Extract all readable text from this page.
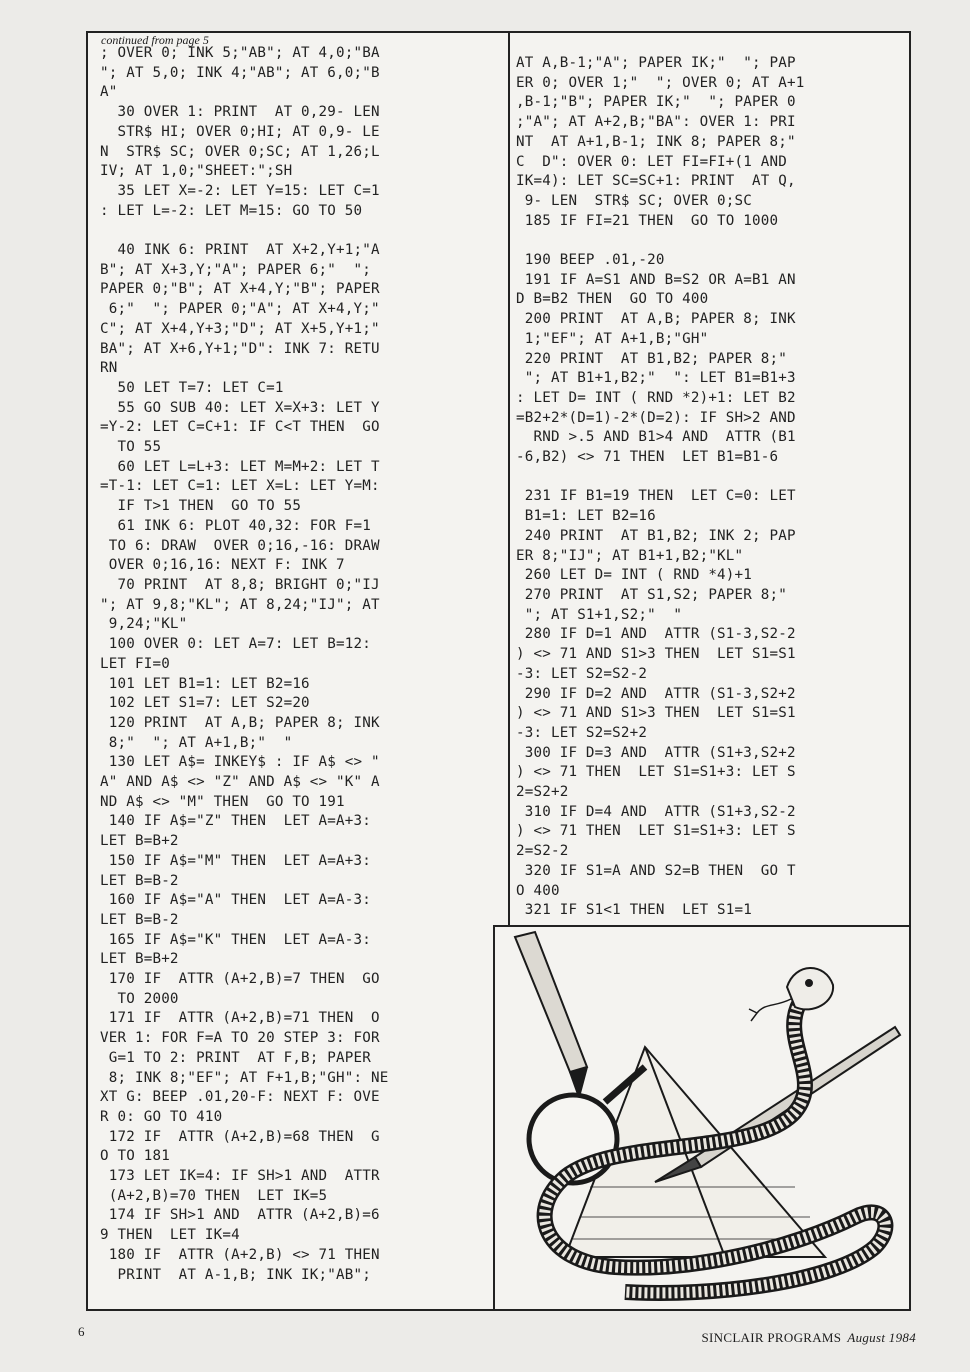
continued from page 5
; OVER 0; INK 5;"AB"; AT 4,0;"BA
"; AT 5,0; INK 4;"AB"; AT 6,0;"B
A"
30 OVER 1: PRINT  AT 0,29- LEN
STR$ HI; OVER 0;HI; AT 0,9- LE
N  STR$ SC; OVER 0;SC; AT 1,26;L
IV; AT 1,0;"SHEET:";SH
35 LET X=-2: LET Y=15: LET C=1
: LET L=-2: LET M=15: GO TO 50

40 INK 6: PRINT  AT X+2,Y+1;"A
B"; AT X+3,Y;"A"; PAPER 6;"  ";
PAPER 0;"B"; AT X+4,Y;"B"; PAPER
6;"  "; PAPER 0;"A"; AT X+4,Y;"
C"; AT X+4,Y+3;"D"; AT X+5,Y+1;"
BA"; AT X+6,Y+1;"D": INK 7: RETU
RN
50 LET T=7: LET C=1
55 GO SUB 40: LET X=X+3: LET Y
=Y-2: LET C=C+1: IF C<T THEN  GO
TO 55
60 LET L=L+3: LET M=M+2: LET T
=T-1: LET C=1: LET X=L: LET Y=M:
IF T>1 THEN  GO TO 55
61 INK 6: PLOT 40,32: FOR F=1
TO 6: DRAW  OVER 0;16,-16: DRAW
OVER 0;16,16: NEXT F: INK 7
70 PRINT  AT 8,8; BRIGHT 0;"IJ
"; AT 9,8;"KL"; AT 8,24;"IJ"; AT
9,24;"KL"
100 OVER 0: LET A=7: LET B=12:
LET FI=0
101 LET B1=1: LET B2=16
102 LET S1=7: LET S2=20
120 PRINT  AT A,B; PAPER 8; INK
8;"  "; AT A+1,B;"  "
130 LET A$= INKEY$ : IF A$ <> "
A" AND A$ <> "Z" AND A$ <> "K" A
ND A$ <> "M" THEN  GO TO 191
140 IF A$="Z" THEN  LET A=A+3:
LET B=B+2
150 IF A$="M" THEN  LET A=A+3:
LET B=B-2
160 IF A$="A" THEN  LET A=A-3:
LET B=B-2
165 IF A$="K" THEN  LET A=A-3:
LET B=B+2
170 IF  ATTR (A+2,B)=7 THEN  GO
TO 2000
171 IF  ATTR (A+2,B)=71 THEN  O
VER 1: FOR F=A TO 20 STEP 3: FOR
G=1 TO 2: PRINT  AT F,B; PAPER
8; INK 8;"EF"; AT F+1,B;"GH": NE
XT G: BEEP .01,20-F: NEXT F: OVE
R 0: GO TO 410
172 IF  ATTR (A+2,B)=68 THEN  G
O TO 181
173 LET IK=4: IF SH>1 AND  ATTR
(A+2,B)=70 THEN  LET IK=5
174 IF SH>1 AND  ATTR (A+2,B)=6
9 THEN  LET IK=4
180 IF  ATTR (A+2,B) <> 71 THEN
PRINT  AT A-1,B; INK IK;"AB";
AT A,B-1;"A"; PAPER IK;"  "; PAP
ER 0; OVER 1;"  "; OVER 0; AT A+1
,B-1;"B"; PAPER IK;"  "; PAPER 0
;"A"; AT A+2,B;"BA": OVER 1: PRI
NT  AT A+1,B-1; INK 8; PAPER 8;"
C  D": OVER 0: LET FI=FI+(1 AND
IK=4): LET SC=SC+1: PRINT  AT Q,
9- LEN  STR$ SC; OVER 0;SC
185 IF FI=21 THEN  GO TO 1000

190 BEEP .01,-20
191 IF A=S1 AND B=S2 OR A=B1 AN
D B=B2 THEN  GO TO 400
200 PRINT  AT A,B; PAPER 8; INK
1;"EF"; AT A+1,B;"GH"
220 PRINT  AT B1,B2; PAPER 8;"
"; AT B1+1,B2;"  ": LET B1=B1+3
: LET D= INT ( RND *2)+1: LET B2
=B2+2*(D=1)-2*(D=2): IF SH>2 AND
RND >.5 AND B1>4 AND  ATTR (B1
-6,B2) <> 71 THEN  LET B1=B1-6

231 IF B1=19 THEN  LET C=0: LET
B1=1: LET B2=16
240 PRINT  AT B1,B2; INK 2; PAP
ER 8;"IJ"; AT B1+1,B2;"KL"
260 LET D= INT ( RND *4)+1
270 PRINT  AT S1,S2; PAPER 8;"
"; AT S1+1,S2;"  "
280 IF D=1 AND  ATTR (S1-3,S2-2
) <> 71 AND S1>3 THEN  LET S1=S1
-3: LET S2=S2-2
290 IF D=2 AND  ATTR (S1-3,S2+2
) <> 71 AND S1>3 THEN  LET S1=S1
-3: LET S2=S2+2
300 IF D=3 AND  ATTR (S1+3,S2+2
) <> 71 THEN  LET S1=S1+3: LET S
2=S2+2
310 IF D=4 AND  ATTR (S1+3,S2-2
) <> 71 THEN  LET S1=S1+3: LET S
2=S2-2
320 IF S1=A AND S2=B THEN  GO T
O 400
321 IF S1<1 THEN  LET S1=1
6	SINCLAIR PROGRAMS August 1984
